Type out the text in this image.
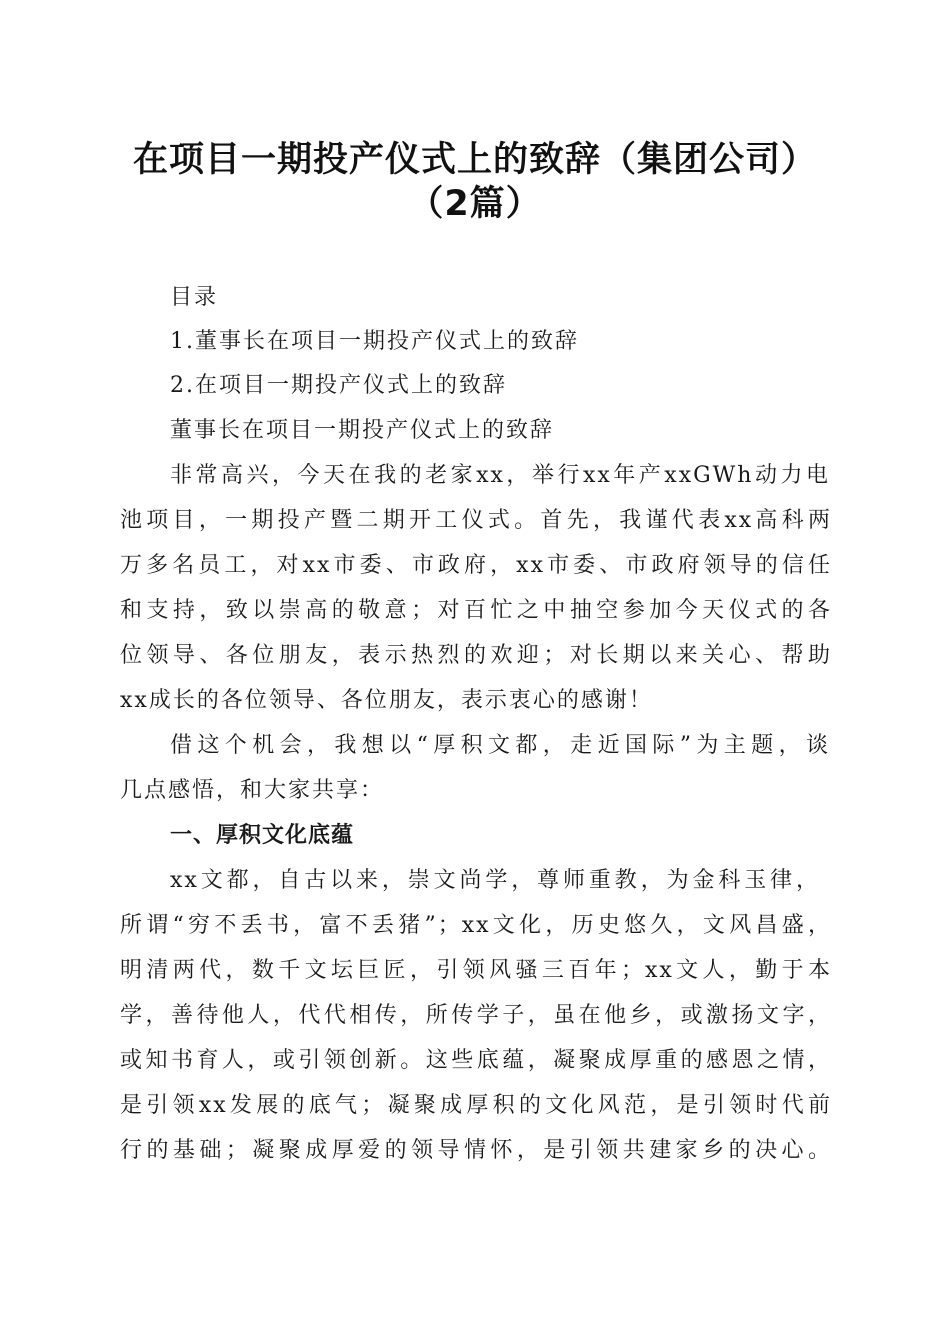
在项目一期投产仪式上的致辞（集团公司）
（2篇）
目录
1.董事长在项目一期投产仪式上的致辞
2.在项目一期投产仪式上的致辞
董事长在项目一期投产仪式上的致辞
非常高兴，今天在我的老家xx，举行xx年产xxGWh动力电
池项目，一期投产暨二期开工仪式。首先，我谨代表xx高科两
万多名员工，对xx市委、市政府，xx市委、市政府领导的信任
和支持，致以崇高的敬意；对百忙之中抽空参加今天仪式的各
位领导、各位朋友，表示热烈的欢迎；对长期以来关心、帮助
xx成长的各位领导、各位朋友，表示衷心的感谢！
借这个机会，我想以“厚积文都，走近国际”为主题，谈
几点感悟，和大家共享：
一、厚积文化底蕴
xx文都，自古以来，崇文尚学，尊师重教，为金科玉律，
所谓“穷不丢书，富不丢猪”；xx文化，历史悠久，文风昌盛，
明清两代，数千文坛巨匠，引领风骚三百年；xx文人，勤于本
学，善待他人，代代相传，所传学子，虽在他乡，或激扬文字，
或知书育人，或引领创新。这些底蕴，凝聚成厚重的感恩之情，
是引领xx发展的底气；凝聚成厚积的文化风范，是引领时代前
行的基础；凝聚成厚爱的领导情怀，是引领共建家乡的决心。
